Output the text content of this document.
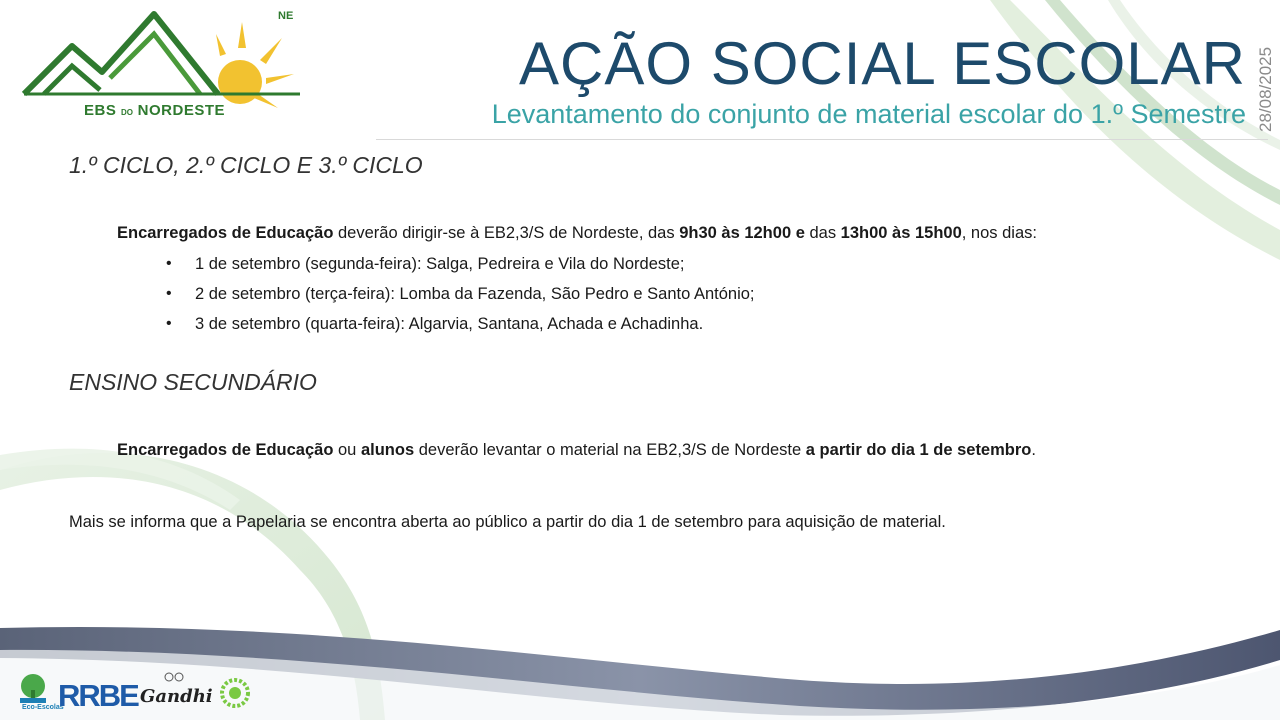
NE
EBS DO NORDESTE
AÇÃO SOCIAL ESCOLAR
Levantamento do conjunto de material escolar do 1.º Semestre 28/08/2025
1.º CICLO, 2.º CICLO E 3.º CICLO
Encarregados de Educação deverão dirigir-se à EB2,3/S de Nordeste, das 9h30 às 12h00 e das 13h00 às 15h00, nos dias:
• 1 de setembro (segunda-feira): Salga, Pedreira e Vila do Nordeste;
• 2 de setembro (terça-feira): Lomba da Fazenda, São Pedro e Santo António;
• 3 de setembro (quarta-feira): Algarvia, Santana, Achada e Achadinha.
ENSINO SECUNDÁRIO
Encarregados de Educação ou alunos deverão levantar o material na EB2,3/S de Nordeste a partir do dia 1 de setembro.
Mais se informa que a Papelaria se encontra aberta ao público a partir do dia 1 de setembro para aquisição de material.
Eco-Escolas
RRBE Gandhi
